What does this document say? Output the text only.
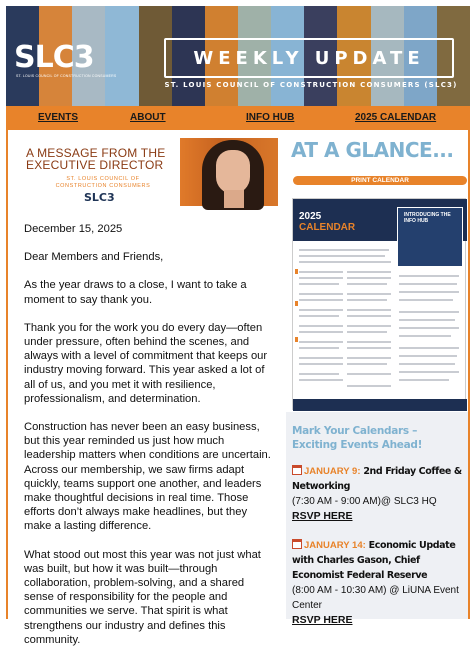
SLC3
ST. LOUIS COUNCIL OF CONSTRUCTION CONSUMERS
WEEKLY UPDATE
ST. LOUIS COUNCIL OF CONSTRUCTION CONSUMERS (SLC3)
EVENTS	ABOUT	INFO HUB	2025 CALENDAR
A MESSAGE FROM THE
EXECUTIVE DIRECTOR
ST. LOUIS COUNCIL OF
CONSTRUCTION CONSUMERS
SLC3

December 15, 2025

Dear Members and Friends,

As the year draws to a close, I want to take a moment to say thank you.

Thank you for the work you do every day—often under pressure, often behind the scenes, and always with a level of commitment that keeps our industry moving forward. This year asked a lot of all of us, and you met it with resilience, professionalism, and determination.

Construction has never been an easy business, but this year reminded us just how much leadership matters when conditions are uncertain. Across our membership, we saw firms adapt quickly, teams support one another, and leaders make thoughtful decisions in real time. Those efforts don’t always make headlines, but they make a lasting difference.

What stood out most this year was not just what was built, but how it was built—through collaboration, problem-solving, and a shared sense of responsibility for the people and communities we serve. That spirit is what strengthens our industry and defines this community.

AT A GLANCE...
PRINT CALENDAR
2025
CALENDAR
INTRODUCING THE INFO HUB
Mark Your Calendars – Exciting Events Ahead!
JANUARY 9: 2nd Friday Coffee & Networking
(7:30 AM - 9:00 AM)@ SLC3 HQ
RSVP HERE
JANUARY 14: Economic Update with Charles Gason, Chief Economist Federal Reserve
(8:00 AM - 10:30 AM) @ LiUNA Event Center
RSVP HERE
